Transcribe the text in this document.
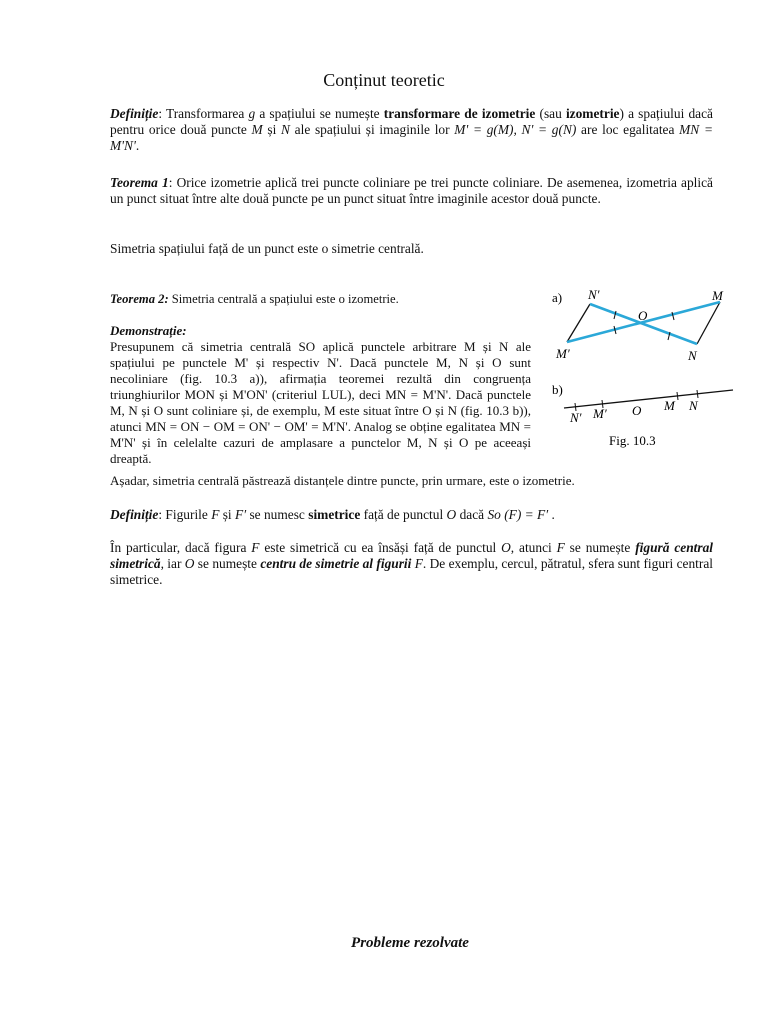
Conținut teoretic

Definiție: Transformarea g a spațiului se numește transformare de izometrie (sau izometrie) a spațiului dacă pentru orice două puncte M și N ale spațiului și imaginile lor M' = g(M), N' = g(N) are loc egalitatea MN = M'N'.

Teorema 1: Orice izometrie aplică trei puncte coliniare pe trei puncte coliniare. De asemenea, izometria aplică un punct situat între alte două puncte pe un punct situat între imaginile acestor două puncte.

Simetria spațiului față de un punct este o simetrie centrală.

Teorema 2: Simetria centrală a spațiului este o izometrie.

Demonstrație:

Presupunem că simetria centrală SO aplică punctele arbitrare M și N ale spațiului pe punctele M' și respectiv N'. Dacă punctele M, N și O sunt necoliniare (fig. 10.3 a)), afirmația teoremei rezultă din congruența triunghiurilor MON și M'ON' (criteriul LUL), deci MN = M'N'. Dacă punctele M, N și O sunt coliniare și, de exemplu, M este situat între O și N (fig. 10.3 b)), atunci MN = ON − OM = ON' − OM' = M'N'. Analog se obține egalitatea MN = M'N' și în celelalte cazuri de amplasare a punctelor M, N și O pe aceeași dreaptă.

Așadar, simetria centrală păstrează distanțele dintre puncte, prin urmare, este o izometrie.

Definiție: Figurile F și F′ se numesc simetrice față de punctul O dacă So (F) = F′ .

În particular, dacă figura F este simetrică cu ea însăși față de punctul O, atunci F se numește figură central simetrică, iar O se numește centru de simetrie al figurii F. De exemplu, cercul, pătratul, sfera sunt figuri central simetrice.

a) N′	M
O
M′	N
b)
N′ M′ O M N
Fig. 10.3
Probleme rezolvate
